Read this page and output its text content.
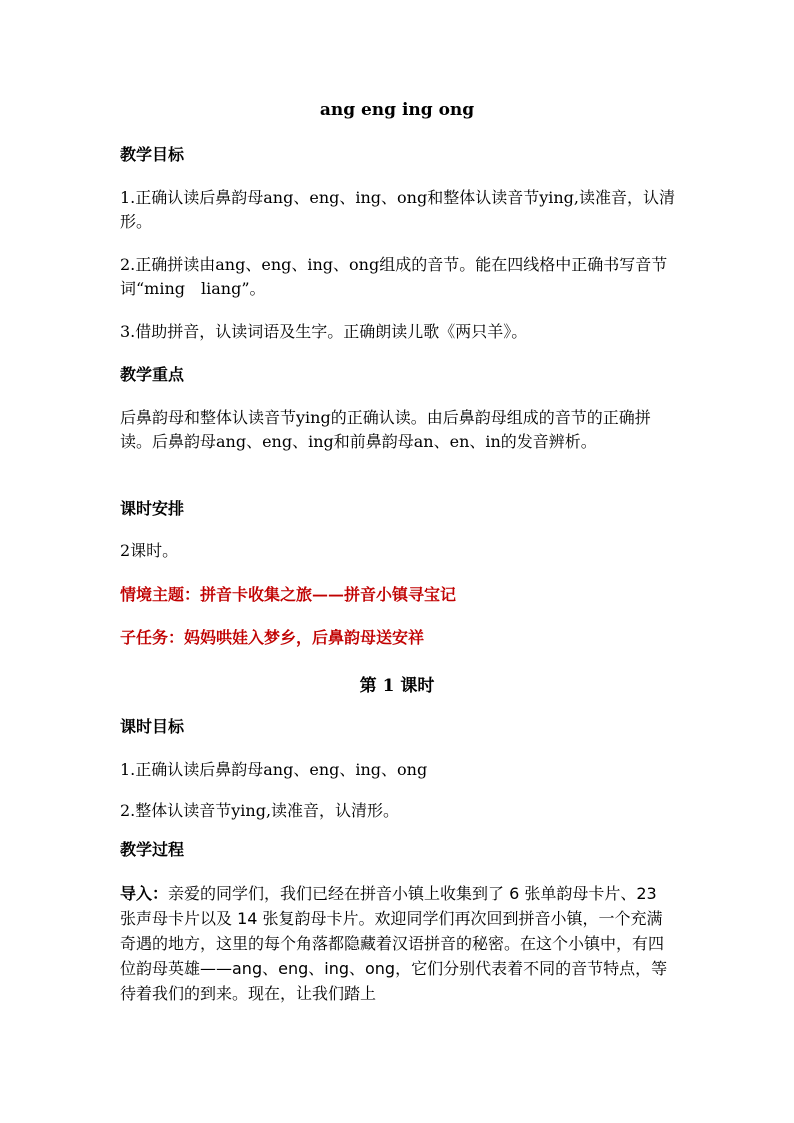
ang eng ing ong
教学目标
1.正确认读后鼻韵母ang、eng、ing、ong和整体认读音节ying,读准音，认清形。
2.正确拼读由ang、eng、ing、ong组成的音节。能在四线格中正确书写音节词“ming　liang”。
3.借助拼音，认读词语及生字。正确朗读儿歌《两只羊》。
教学重点
后鼻韵母和整体认读音节ying的正确认读。由后鼻韵母组成的音节的正确拼读。后鼻韵母ang、eng、ing和前鼻韵母an、en、in的发音辨析。
课时安排
2课时。
情境主题：拼音卡收集之旅——拼音小镇寻宝记
子任务：妈妈哄娃入梦乡，后鼻韵母送安祥
第 1 课时
课时目标
1.正确认读后鼻韵母ang、eng、ing、ong
2.整体认读音节ying,读准音，认清形。
教学过程
导入：亲爱的同学们，我们已经在拼音小镇上收集到了 6 张单韵母卡片、23 张声母卡片以及 14 张复韵母卡片。欢迎同学们再次回到拼音小镇，一个充满奇遇的地方，这里的每个角落都隐藏着汉语拼音的秘密。在这个小镇中，有四位韵母英雄——ang、eng、ing、ong，它们分别代表着不同的音节特点，等待着我们的到来。现在，让我们踏上
